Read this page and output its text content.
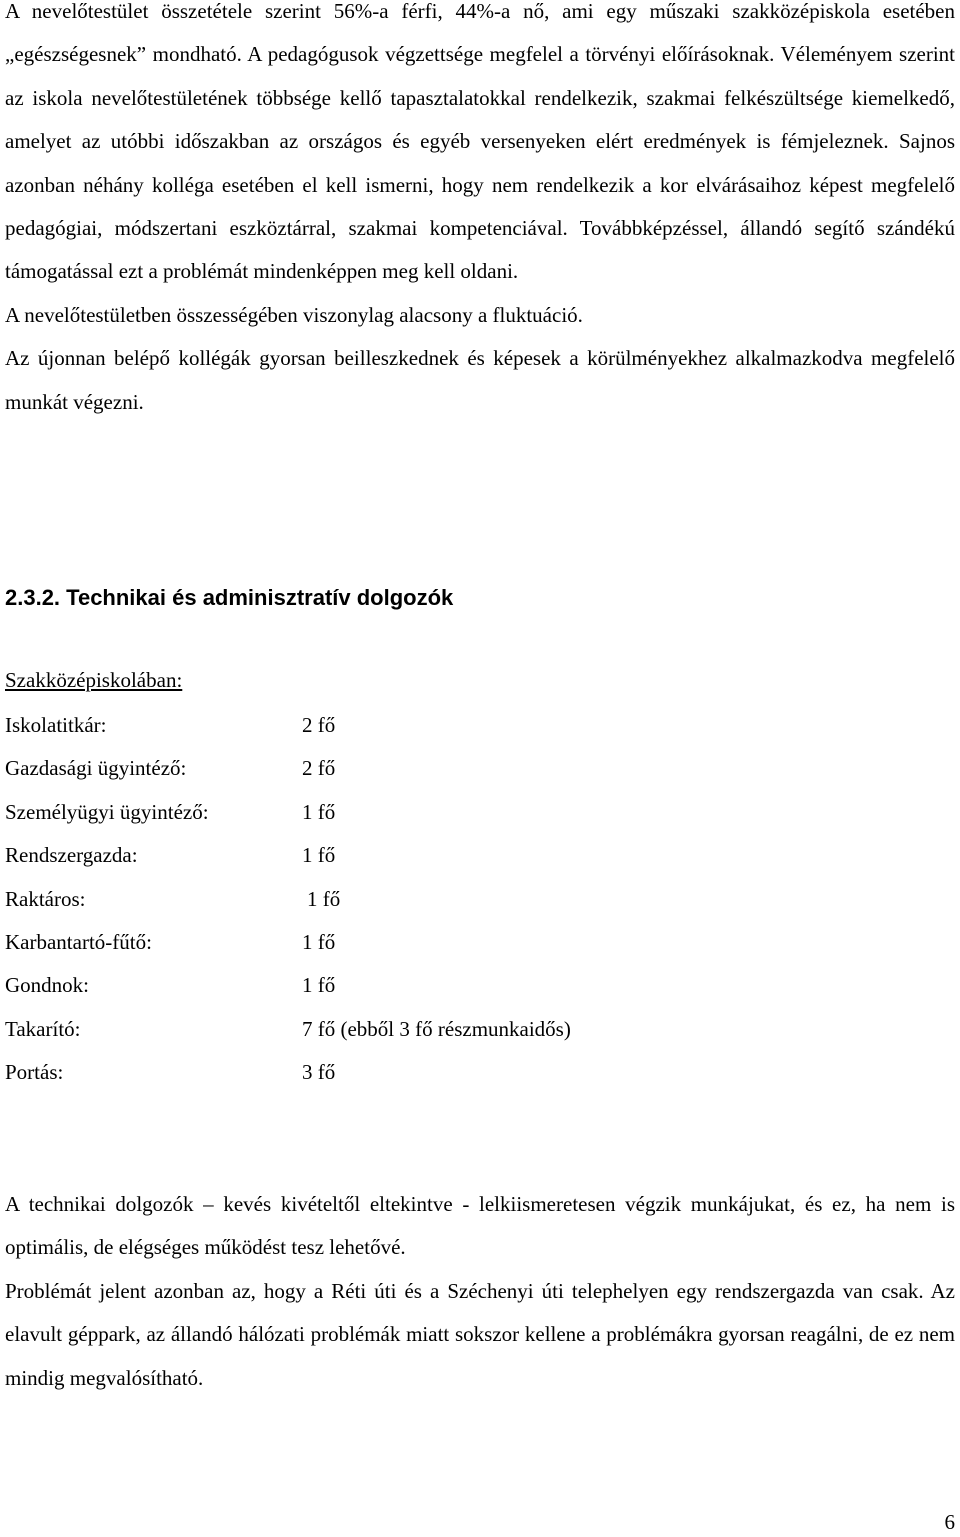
A nevelőtestület összetétele szerint 56%-a férfi, 44%-a nő, ami egy műszaki szakközépiskola esetében „egészségesnek” mondható. A pedagógusok végzettsége megfelel a törvényi előírásoknak. Véleményem szerint az iskola nevelőtestületének többsége kellő tapasztalatokkal rendelkezik, szakmai felkészültsége kiemelkedő, amelyet az utóbbi időszakban az országos és egyéb versenyeken elért eredmények is fémjeleznek. Sajnos azonban néhány kolléga esetében el kell ismerni, hogy nem rendelkezik a kor elvárásaihoz képest megfelelő pedagógiai, módszertani eszköztárral, szakmai kompetenciával. Továbbképzéssel, állandó segítő szándékú támogatással ezt a problémát mindenképpen meg kell oldani.

A nevelőtestületben összességében viszonylag alacsony a fluktuáció.

Az újonnan belépő kollégák gyorsan beilleszkednek és képesek a körülményekhez alkalmazkodva megfelelő munkát végezni.

2.3.2. Technikai és adminisztratív dolgozók

Szakközépiskolában:

Iskolatitkár:	2 fő
Gazdasági ügyintéző:	2 fő
Személyügyi ügyintéző:	1 fő
Rendszergazda:	1 fő
Raktáros:	1 fő
Karbantartó-fűtő:	1 fő
Gondnok:	1 fő
Takarító:	7 fő (ebből 3 fő részmunkaidős)
Portás:	3 fő

A technikai dolgozók – kevés kivételtől eltekintve - lelkiismeretesen végzik munkájukat, és ez, ha nem is optimális, de elégséges működést tesz lehetővé.

Problémát jelent azonban az, hogy a Réti úti és a Széchenyi úti telephelyen egy rendszergazda van csak. Az elavult géppark, az állandó hálózati problémák miatt sokszor kellene a problémákra gyorsan reagálni, de ez nem mindig megvalósítható.

6
